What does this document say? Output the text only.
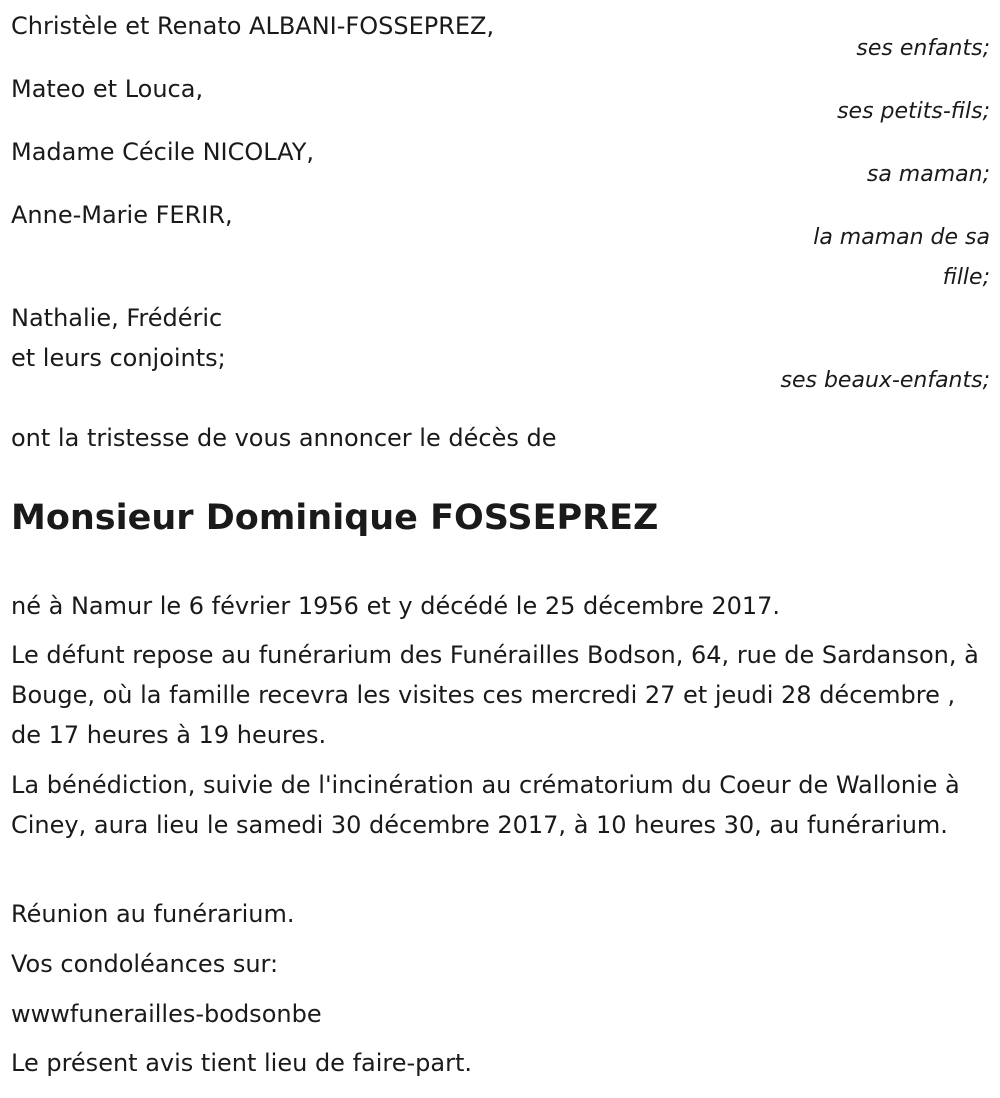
Christèle et Renato ALBANI-FOSSEPREZ,
ses enfants;
Mateo et Louca,
ses petits-fils;
Madame Cécile NICOLAY,
sa maman;
Anne-Marie FERIR,
la maman de sa
fille;
Nathalie, Frédéric
et leurs conjoints;
ses beaux-enfants;
ont la tristesse de vous annoncer le décès de
Monsieur Dominique FOSSEPREZ
né à Namur le 6 février 1956 et y décédé le 25 décembre 2017.
Le défunt repose au funérarium des Funérailles Bodson, 64, rue de Sardanson, à Bouge, où la famille recevra les visites ces mercredi 27 et jeudi 28 décembre , de 17 heures à 19 heures.
La bénédiction, suivie de l'incinération au crématorium du Coeur de Wallonie à Ciney, aura lieu le samedi 30 décembre 2017, à 10 heures 30, au funérarium.
Réunion au funérarium.
Vos condoléances sur:
wwwfunerailles-bodsonbe
Le présent avis tient lieu de faire-part.
